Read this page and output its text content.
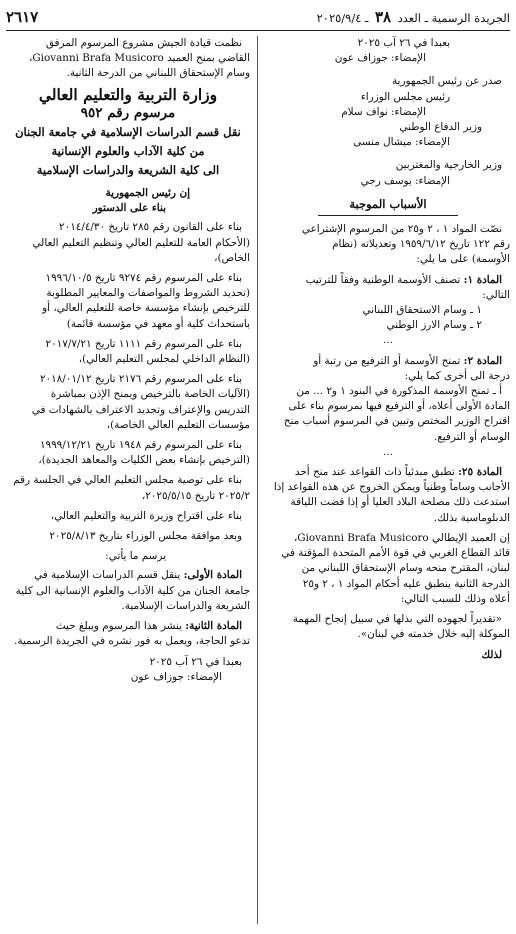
الجريدة الرسمية ـ العدد ٣٨ ـ ٢٠٢٥/٩/٤
٢٦١٧
بعبدا في ٢٦ آب ٢٠٢٥
الإمضاء: جوزاف عون
صدر عن رئيس الجمهورية
رئيس مجلس الوزراء
الإمضاء: نواف سلام
وزير الدفاع الوطني
الإمضاء: ميشال منسى
وزير الخارجية والمغتربين
الإمضاء: يوسف رجي
الأسباب الموجبة

نصّت المواد ١ ، ٢ و٢٥ من المرسوم الإشتراعي
رقم ١٢٢ تاريخ ١٩٥٩/٦/١٢ وتعديلاته (نظام
الأوسمة) على ما يلي:

المادة ١: تصنف الأوسمة الوطنية وفقاً للترتيب
التالي:
١ ـ وسام الاستحقاق اللبناني
٢ ـ وسام الارز الوطني
...

المادة ٢: تمنح الأوسمة أو الترفيع من رتبة أو
درجة الى أخرى كما يلي:
أ ـ تمنح الأوسمة المذكورة في البنود ١ و٢ ... من
المادة الأولى أعلاه، أو الترفيع فيها بمرسوم بناء على
اقتراح الوزير المختص وتبين في المرسوم أسباب منح
الوسام أو الترفيع.
...

المادة ٢٥: تطبق مبدئياً ذات القواعد عند منح أحد
الأجانب وساماً وطنياً ويمكن الخروج عن هذه القواعد إذا
استدعت ذلك مصلحة البلاد العليا أو إذا قضت اللياقة
الدبلوماسية بذلك.

إن العميد الإيطالي Giovanni Brafa Musicoro،
قائد القطاع الغربي في قوة الأمم المتحدة المؤقتة في
لبنان، المقترح منحه وسام الإستحقاق اللبناني من
الدرجة الثانية ينطبق عليه أحكام المواد ١ ، ٢ و٢٥
أعلاه وذلك للسبب التالي:

«تقديراً لجهوده التي بذلها في سبيل إنجاح المهمة
الموكلة إليه خلال خدمته في لبنان».

لذلك

نظمت قيادة الجيش مشروع المرسوم المرفق
القاضي بمنح العميد Giovanni Brafa Musicoro،
وسام الإستحقاق اللبناني من الدرجة الثانية.

وزارة التربية والتعليم العالي
مرسوم رقم ٩٥٢
نقل قسم الدراسات الإسلامية في جامعة الجنان
من كلية الآداب والعلوم الإنسانية
الى كلية الشريعة والدراسات الإسلامية
إن رئيس الجمهورية
بناء على الدستور

بناء على القانون رقم ٢٨٥ تاريخ ٢٠١٤/٤/٣٠
(الأحكام العامة للتعليم العالي وتنظيم التعليم العالي
الخاص)،

بناء على المرسوم رقم ٩٢٧٤ تاريخ ١٩٩٦/١٠/٥
(تحديد الشروط والمواصفات والمعايير المطلوبة
للترخيص بإنشاء مؤسسة خاصة للتعليم العالي، أو
باستحداث كلية أو معهد في مؤسسة قائمة)

بناء على المرسوم رقم ١١١١ تاريخ ٢٠١٧/٧/٢١
(النظام الداخلي لمجلس التعليم العالي)،

بناء على المرسوم رقم ٢١٧٦ تاريخ ٢٠١٨/٠١/١٢
(الآليات الخاصة بالترخيص ويمنح الإذن بمباشرة
التدريس والإعتراف وتجديد الاعتراف بالشهادات في
مؤسسات التعليم العالي الخاصة)،

بناء على المرسوم رقم ١٩٤٨ تاريخ ١٩٩٩/١٢/٢١
(الترخيص بإنشاء بعض الكليات والمعاهد الجديدة)،

بناء على توصية مجلس التعليم العالي في الجلسة رقم
٢٠٢٥/٢ تاريخ ٢٠٢٥/٥/١٥،

بناء على اقتراح وزيرة التربية والتعليم العالي،

وبعد موافقة مجلس الوزراء بتاريخ ٢٠٢٥/٨/١٣

يرسم ما يأتي:

المادة الأولى: ينقل قسم الدراسات الإسلامية في
جامعة الجنان من كلية الآداب والعلوم الإنسانية الى كلية
الشريعة والدراسات الإسلامية.

المادة الثانية: ينشر هذا المرسوم ويبلغ حيث
تدعو الحاجة، ويعمل به فور نشره في الجريدة الرسمية.

بعبدا في ٢٦ آب ٢٠٢٥
الإمضاء: جوزاف عون
